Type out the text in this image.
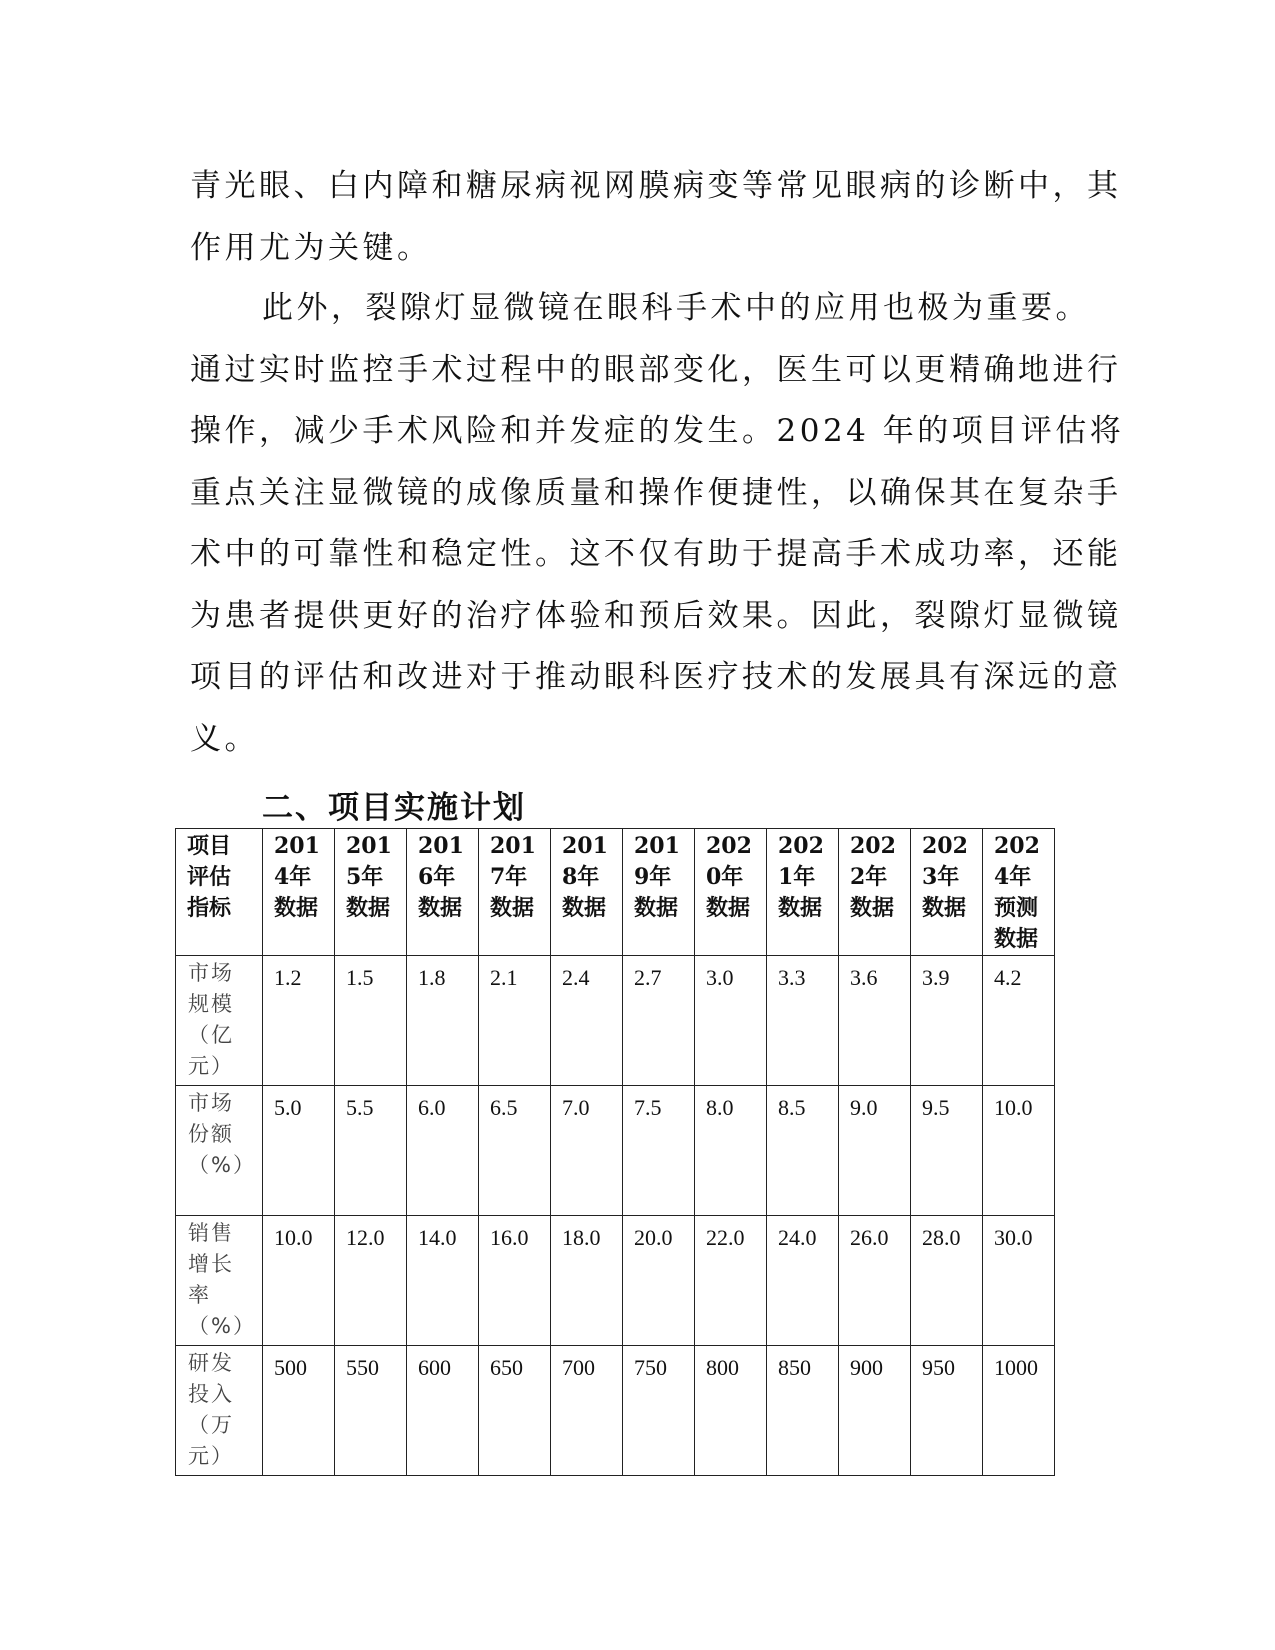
青光眼、白内障和糖尿病视网膜病变等常见眼病的诊断中，其
作用尤为关键。
此外，裂隙灯显微镜在眼科手术中的应用也极为重要。
通过实时监控手术过程中的眼部变化，医生可以更精确地进行
操作，减少手术风险和并发症的发生。2024 年的项目评估将
重点关注显微镜的成像质量和操作便捷性，以确保其在复杂手
术中的可靠性和稳定性。这不仅有助于提高手术成功率，还能
为患者提供更好的治疗体验和预后效果。因此，裂隙灯显微镜
项目的评估和改进对于推动眼科医疗技术的发展具有深远的意
义。
二、项目实施计划
项目评估指标	2014年数据	2015年数据	2016年数据	2017年数据	2018年数据	2019年数据	2020年数据	2021年数据	2022年数据	2023年数据	2024年预测数据

市场规模（亿元）	1.2	1.5	1.8	2.1	2.4	2.7	3.0	3.3	3.6	3.9	4.2
市场份额（%）	5.0	5.5	6.0	6.5	7.0	7.5	8.0	8.5	9.0	9.5	10.0
销售增长率（%）	10.0	12.0	14.0	16.0	18.0	20.0	22.0	24.0	26.0	28.0	30.0
研发投入（万元）	500	550	600	650	700	750	800	850	900	950	1000
